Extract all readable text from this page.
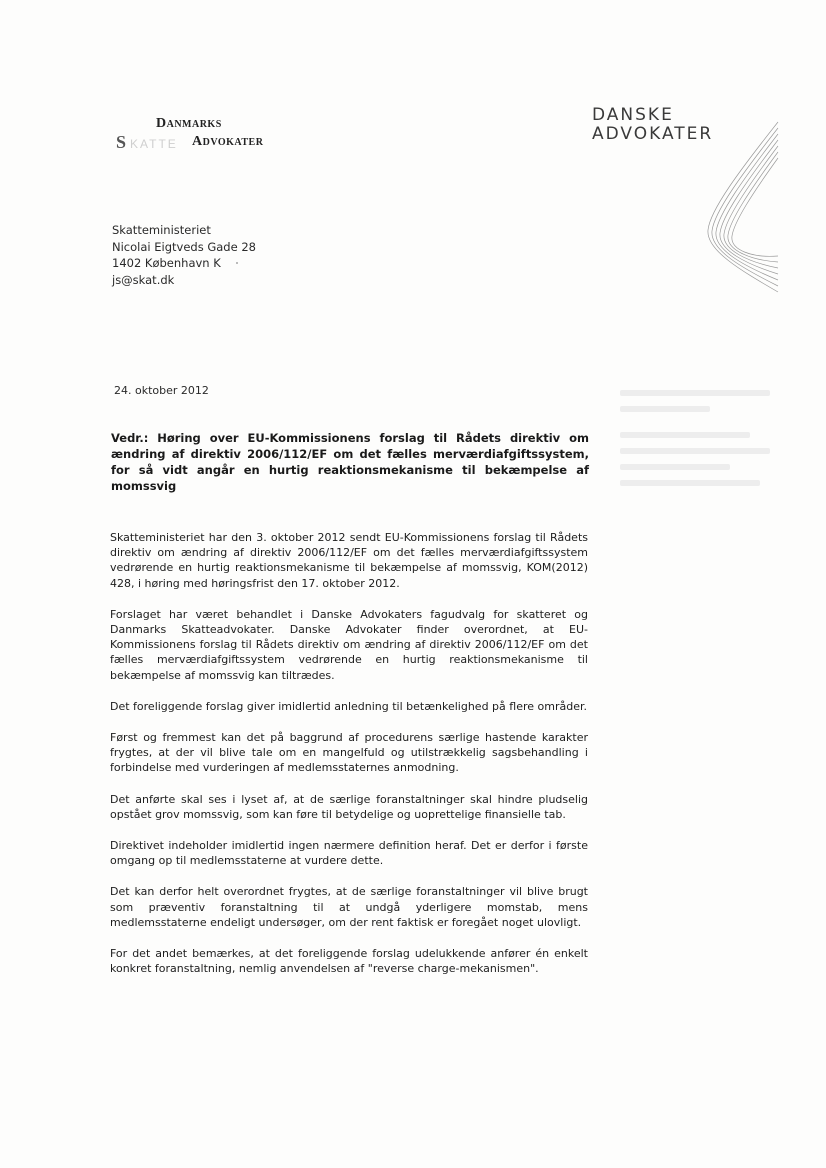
Danmarks
S KATTE Advokater
DANSKE
ADVOKATER
Skatteministeriet
Nicolai Eigtveds Gade 28
1402 København K
js@skat.dk
24. oktober 2012
Vedr.: Høring over EU-Kommissionens forslag til Rådets direktiv om ændring af direktiv 2006/112/EF om det fælles merværdiafgiftssystem, for så vidt angår en hurtig reaktionsmekanisme til bekæmpelse af momssvig

Skatteministeriet har den 3. oktober 2012 sendt EU-Kommissionens forslag til Rådets direktiv om ændring af direktiv 2006/112/EF om det fælles merværdiafgiftssystem vedrørende en hurtig reaktionsmekanisme til bekæmpelse af momssvig, KOM(2012) 428, i høring med høringsfrist den 17. oktober 2012.

Forslaget har været behandlet i Danske Advokaters fagudvalg for skatteret og Danmarks Skatteadvokater. Danske Advokater finder overordnet, at EU-Kommissionens forslag til Rådets direktiv om ændring af direktiv 2006/112/EF om det fælles merværdiafgiftssystem vedrørende en hurtig reaktionsmekanisme til bekæmpelse af momssvig kan tiltrædes.

Det foreliggende forslag giver imidlertid anledning til betænkelighed på flere områder.

Først og fremmest kan det på baggrund af procedurens særlige hastende karakter frygtes, at der vil blive tale om en mangelfuld og utilstrækkelig sagsbehandling i forbindelse med vurderingen af medlemsstaternes anmodning.

Det anførte skal ses i lyset af, at de særlige foranstaltninger skal hindre pludselig opstået grov momssvig, som kan føre til betydelige og uoprettelige finansielle tab.

Direktivet indeholder imidlertid ingen nærmere definition heraf. Det er derfor i første omgang op til medlemsstaterne at vurdere dette.

Det kan derfor helt overordnet frygtes, at de særlige foranstaltninger vil blive brugt som præventiv foranstaltning til at undgå yderligere momstab, mens medlemsstaterne endeligt undersøger, om der rent faktisk er foregået noget ulovligt.

For det andet bemærkes, at det foreliggende forslag udelukkende anfører én enkelt konkret foranstaltning, nemlig anvendelsen af "reverse charge-mekanismen".
